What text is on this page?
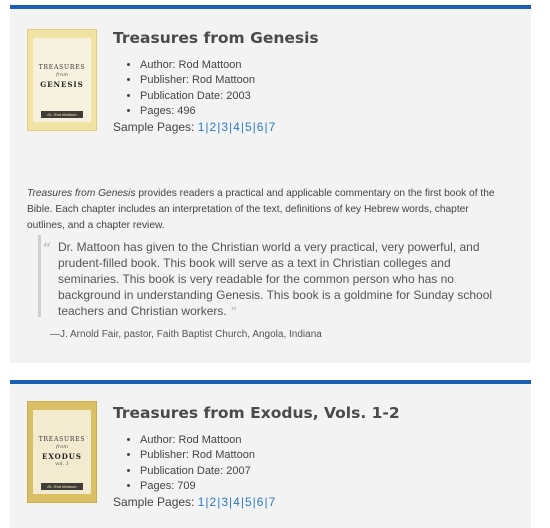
TREASURES
from
GENESIS
Dr. Rod Mattoon
Treasures from Genesis
• Author: Rod Mattoon
• Publisher: Rod Mattoon
• Publication Date: 2003
• Pages: 496
Sample Pages: 1|2|3|4|5|6|7

Treasures from Genesis provides readers a practical and applicable commentary on the first book of the Bible. Each chapter includes an interpretation of the text, definitions of key Hebrew words, chapter outlines, and a chapter review.

“ Dr. Mattoon has given to the Christian world a very practical, very powerful, and prudent-filled book. This book will serve as a text in Christian colleges and seminaries. This book is very readable for the common person who has no background in understanding Genesis. This book is a goldmine for Sunday school teachers and Christian workers. ”

—J. Arnold Fair, pastor, Faith Baptist Church, Angola, Indiana
TREASURES
from
EXODUS
vol. 1
Dr. Rod Mattoon
Treasures from Exodus, Vols. 1-2
• Author: Rod Mattoon
• Publisher: Rod Mattoon
• Publication Date: 2007
• Pages: 709
Sample Pages: 1|2|3|4|5|6|7
